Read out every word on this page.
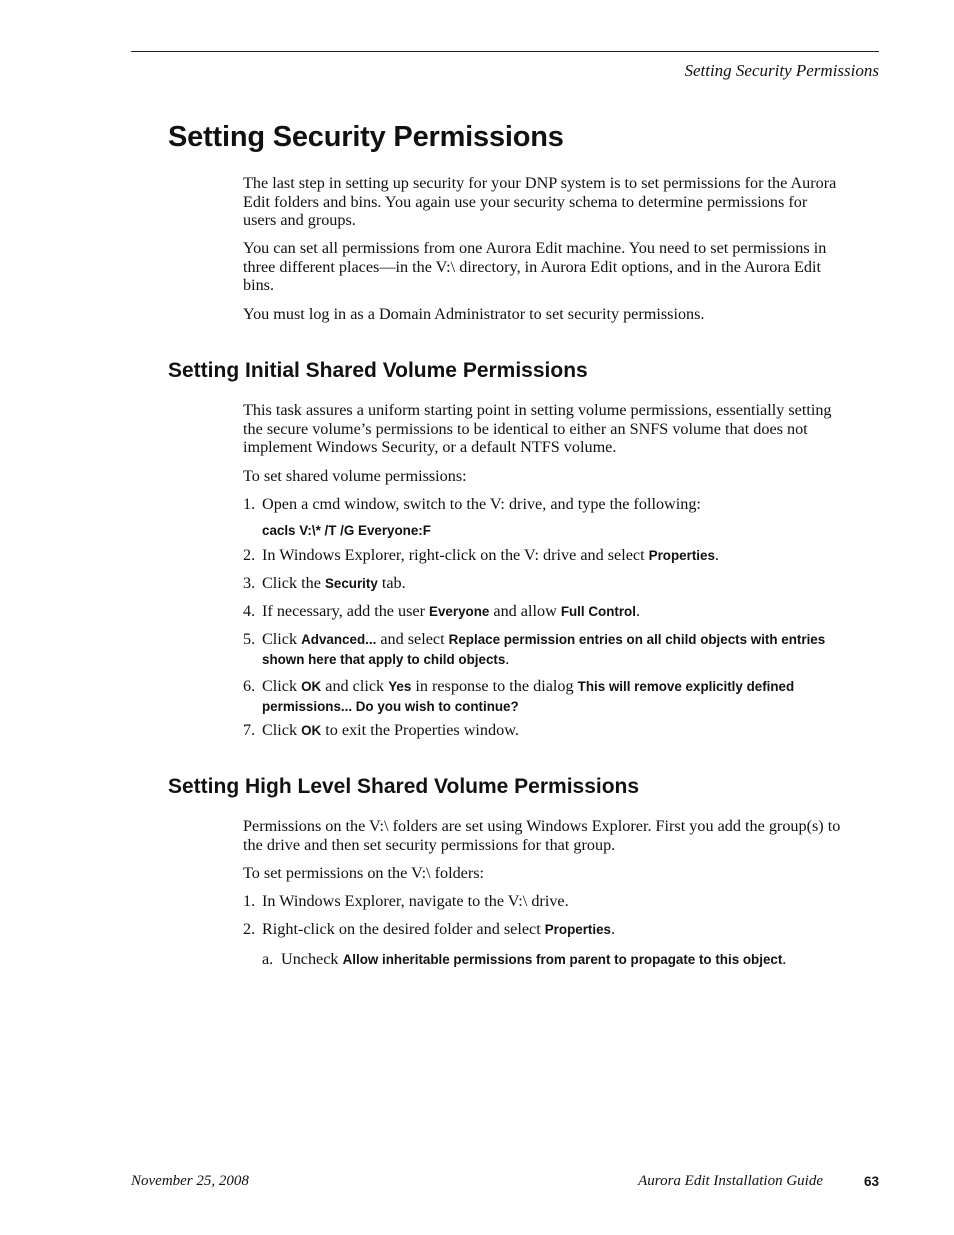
Setting Security Permissions
Setting Security Permissions

The last step in setting up security for your DNP system is to set permissions for the Aurora Edit folders and bins. You again use your security schema to determine permissions for users and groups.

You can set all permissions from one Aurora Edit machine. You need to set permissions in three different places—in the V:\ directory, in Aurora Edit options, and in the Aurora Edit bins.

You must log in as a Domain Administrator to set security permissions.

Setting Initial Shared Volume Permissions

This task assures a uniform starting point in setting volume permissions, essentially setting the secure volume’s permissions to be identical to either an SNFS volume that does not implement Windows Security, or a default NTFS volume.

To set shared volume permissions:

1. Open a cmd window, switch to the V: drive, and type the following:
cacls V:\* /T /G Everyone:F
2. In Windows Explorer, right-click on the V: drive and select Properties.
3. Click the Security tab.
4. If necessary, add the user Everyone and allow Full Control.
5. Click Advanced... and select Replace permission entries on all child objects with entries shown here that apply to child objects.
6. Click OK and click Yes in response to the dialog This will remove explicitly defined permissions... Do you wish to continue?
7. Click OK to exit the Properties window.
Setting High Level Shared Volume Permissions

Permissions on the V:\ folders are set using Windows Explorer. First you add the group(s) to the drive and then set security permissions for that group.

To set permissions on the V:\ folders:

1. In Windows Explorer, navigate to the V:\ drive.
2. Right-click on the desired folder and select Properties.
a. Uncheck Allow inheritable permissions from parent to propagate to this object.
November 25, 2008	Aurora Edit Installation Guide	63
